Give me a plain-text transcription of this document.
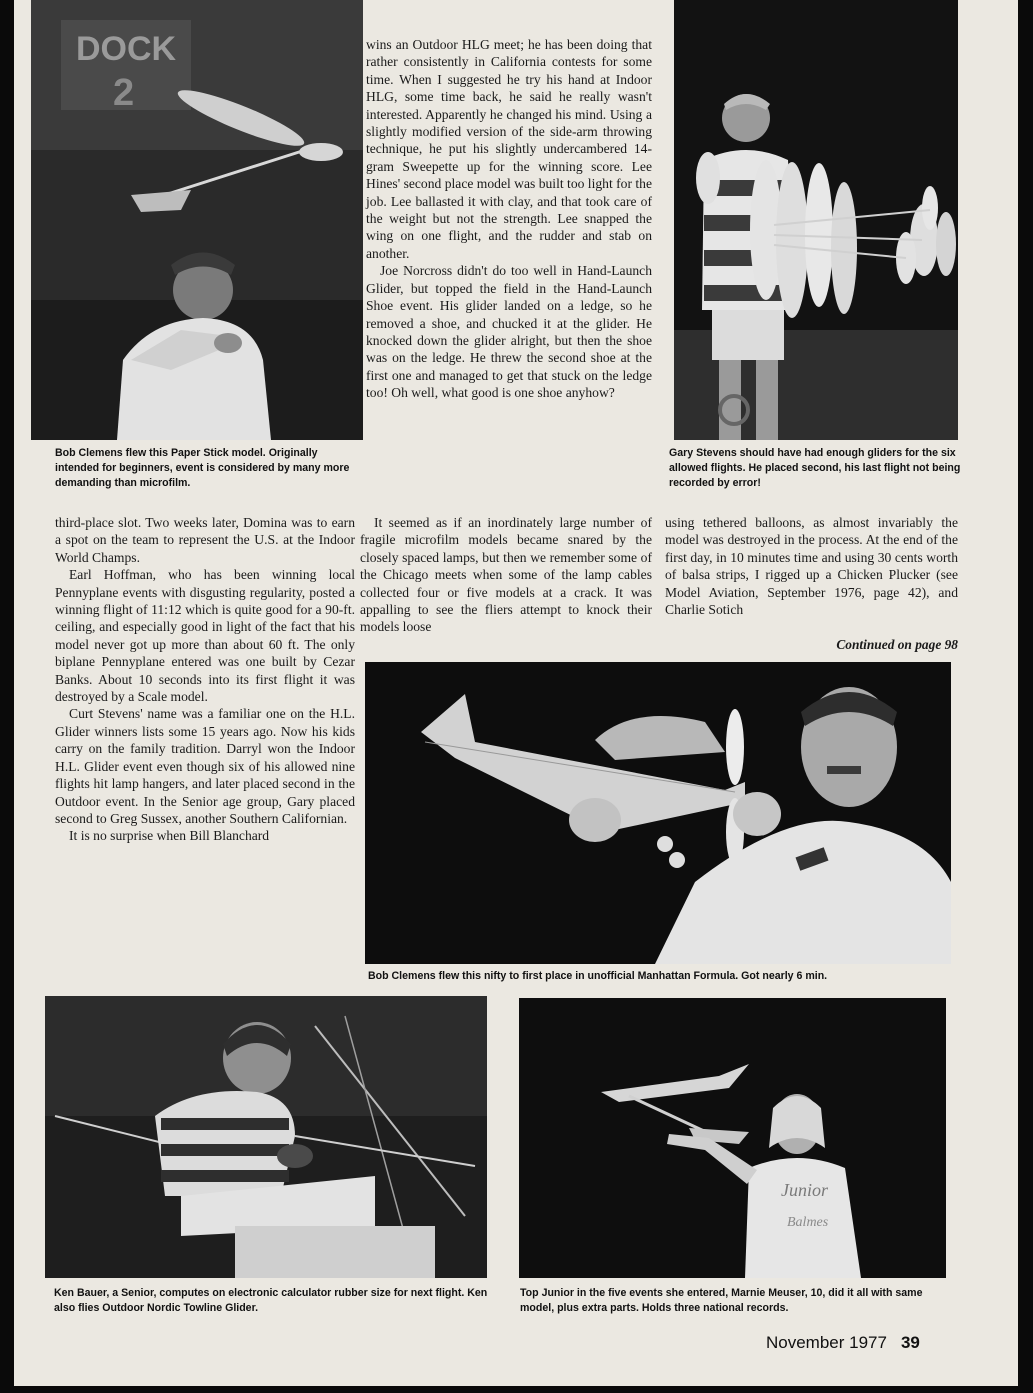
DOCK
2
Bob Clemens flew this Paper Stick model. Originally intended for beginners, event is considered by many more demanding than microfilm.

wins an Outdoor HLG meet; he has been doing that rather consistently in California contests for some time. When I suggested he try his hand at Indoor HLG, some time back, he said he really wasn't interested. Apparently he changed his mind. Using a slightly modified version of the side-arm throwing technique, he put his slightly undercambered 14-gram Sweepette up for the winning score. Lee Hines' second place model was built too light for the job. Lee ballasted it with clay, and that took care of the weight but not the strength. Lee snapped the wing on one flight, and the rudder and stab on another.

Joe Norcross didn't do too well in Hand-Launch Glider, but topped the field in the Hand-Launch Shoe event. His glider landed on a ledge, so he removed a shoe, and chucked it at the glider. He knocked down the glider alright, but then the shoe was on the ledge. He threw the second shoe at the first one and managed to get that stuck on the ledge too! Oh well, what good is one shoe anyhow?

Gary Stevens should have had enough gliders for the six allowed flights. He placed second, his last flight not being recorded by error!

third-place slot. Two weeks later, Domina was to earn a spot on the team to represent the U.S. at the Indoor World Champs.

Earl Hoffman, who has been winning local Pennyplane events with disgusting regularity, posted a winning flight of 11:12 which is quite good for a 90-ft. ceiling, and especially good in light of the fact that his model never got up more than about 60 ft. The only biplane Pennyplane entered was one built by Cezar Banks. About 10 seconds into its first flight it was destroyed by a Scale model.

Curt Stevens' name was a familiar one on the H.L. Glider winners lists some 15 years ago. Now his kids carry on the family tradition. Darryl won the Indoor H.L. Glider event even though six of his allowed nine flights hit lamp hangers, and later placed second in the Outdoor event. In the Senior age group, Gary placed second to Greg Sussex, another Southern Californian.

It is no surprise when Bill Blanchard

It seemed as if an inordinately large number of fragile microfilm models became snared by the closely spaced lamps, but then we remember some of the Chicago meets when some of the lamp cables collected four or five models at a crack. It was appalling to see the fliers attempt to knock their models loose

using tethered balloons, as almost invariably the model was destroyed in the process. At the end of the first day, in 10 minutes time and using 30 cents worth of balsa strips, I rigged up a Chicken Plucker (see Model Aviation, September 1976, page 42), and Charlie Sotich

Continued on page 98
Bob Clemens flew this nifty to first place in unofficial Manhattan Formula. Got nearly 6 min.
Ken Bauer, a Senior, computes on electronic calculator rubber size for next flight. Ken also flies Outdoor Nordic Towline Glider.
Junior
Balmes
Top Junior in the five events she entered, Marnie Meuser, 10, did it all with same model, plus extra parts. Holds three national records.
November 1977 39
